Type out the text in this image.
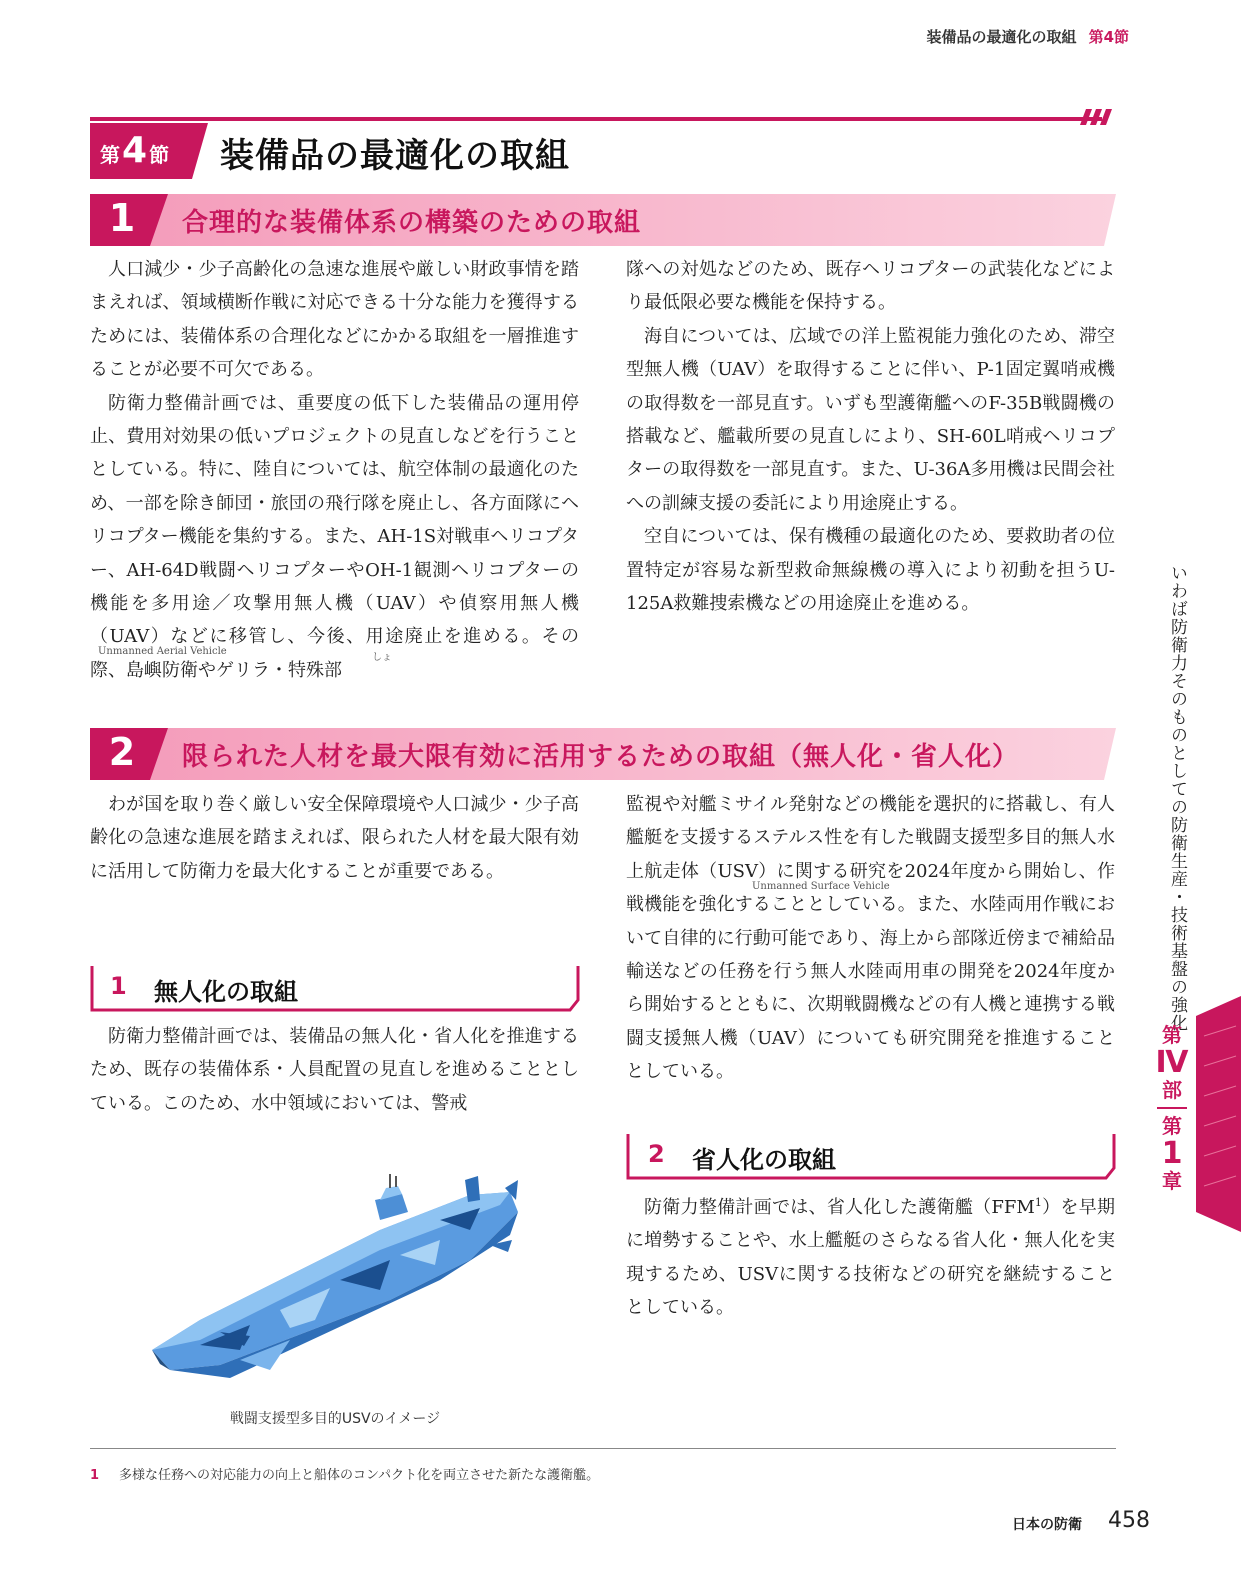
装備品の最適化の取組 第4節
第 4 節 装備品の最適化の取組
1	合理的な装備体系の構築のための取組

人口減少・少子高齢化の急速な進展や厳しい財政事情を踏まえれば、領域横断作戦に対応できる十分な能力を獲得するためには、装備体系の合理化などにかかる取組を一層推進することが必要不可欠である。

防衛力整備計画では、重要度の低下した装備品の運用停止、費用対効果の低いプロジェクトの見直しなどを行うこととしている。特に、陸自については、航空体制の最適化のため、一部を除き師団・旅団の飛行隊を廃止し、各方面隊にヘリコプター機能を集約する。また、AH-1S対戦車ヘリコプター、AH-64D戦闘ヘリコプターやOH-1観測ヘリコプターの機能を多用途／攻撃用無人機（UAV）や偵察用無人機（UAV）などに移管し、今後、用途廃止を進める。その際、島嶼防衛やゲリラ・特殊部

Unmanned Aerial Vehicle
しょ

隊への対処などのため、既存ヘリコプターの武装化などにより最低限必要な機能を保持する。

海自については、広域での洋上監視能力強化のため、滞空型無人機（UAV）を取得することに伴い、P-1固定翼哨戒機の取得数を一部見直す。いずも型護衛艦へのF-35B戦闘機の搭載など、艦載所要の見直しにより、SH-60L哨戒ヘリコプターの取得数を一部見直す。また、U-36A多用機は民間会社への訓練支援の委託により用途廃止する。

空自については、保有機種の最適化のため、要救助者の位置特定が容易な新型救命無線機の導入により初動を担うU-125A救難捜索機などの用途廃止を進める。

2	限られた人材を最大限有効に活用するための取組（無人化・省人化）

わが国を取り巻く厳しい安全保障環境や人口減少・少子高齢化の急速な進展を踏まえれば、限られた人材を最大限有効に活用して防衛力を最大化することが重要である。

1 無人化の取組

防衛力整備計画では、装備品の無人化・省人化を推進するため、既存の装備体系・人員配置の見直しを進めることとしている。このため、水中領域においては、警戒

戦闘支援型多目的USVのイメージ

監視や対艦ミサイル発射などの機能を選択的に搭載し、有人艦艇を支援するステルス性を有した戦闘支援型多目的無人水上航走体（USV）に関する研究を2024年度から開始し、作戦機能を強化することとしている。また、水陸両用作戦において自律的に行動可能であり、海上から部隊近傍まで補給品輸送などの任務を行う無人水陸両用車の開発を2024年度から開始するとともに、次期戦闘機などの有人機と連携する戦闘支援無人機（UAV）についても研究開発を推進することとしている。

Unmanned Surface Vehicle
2 省人化の取組

防衛力整備計画では、省人化した護衛艦（FFM$^1$）を早期に増勢することや、水上艦艇のさらなる省人化・無人化を実現するため、USVに関する技術などの研究を継続することとしている。

1 多様な任務への対応能力の向上と船体のコンパクト化を両立させた新たな護衛艦。
日本の防衛 458
いわば防衛力そのものとしての防衛生産・技術基盤の強化
第
Ⅳ
部
第
1
章
